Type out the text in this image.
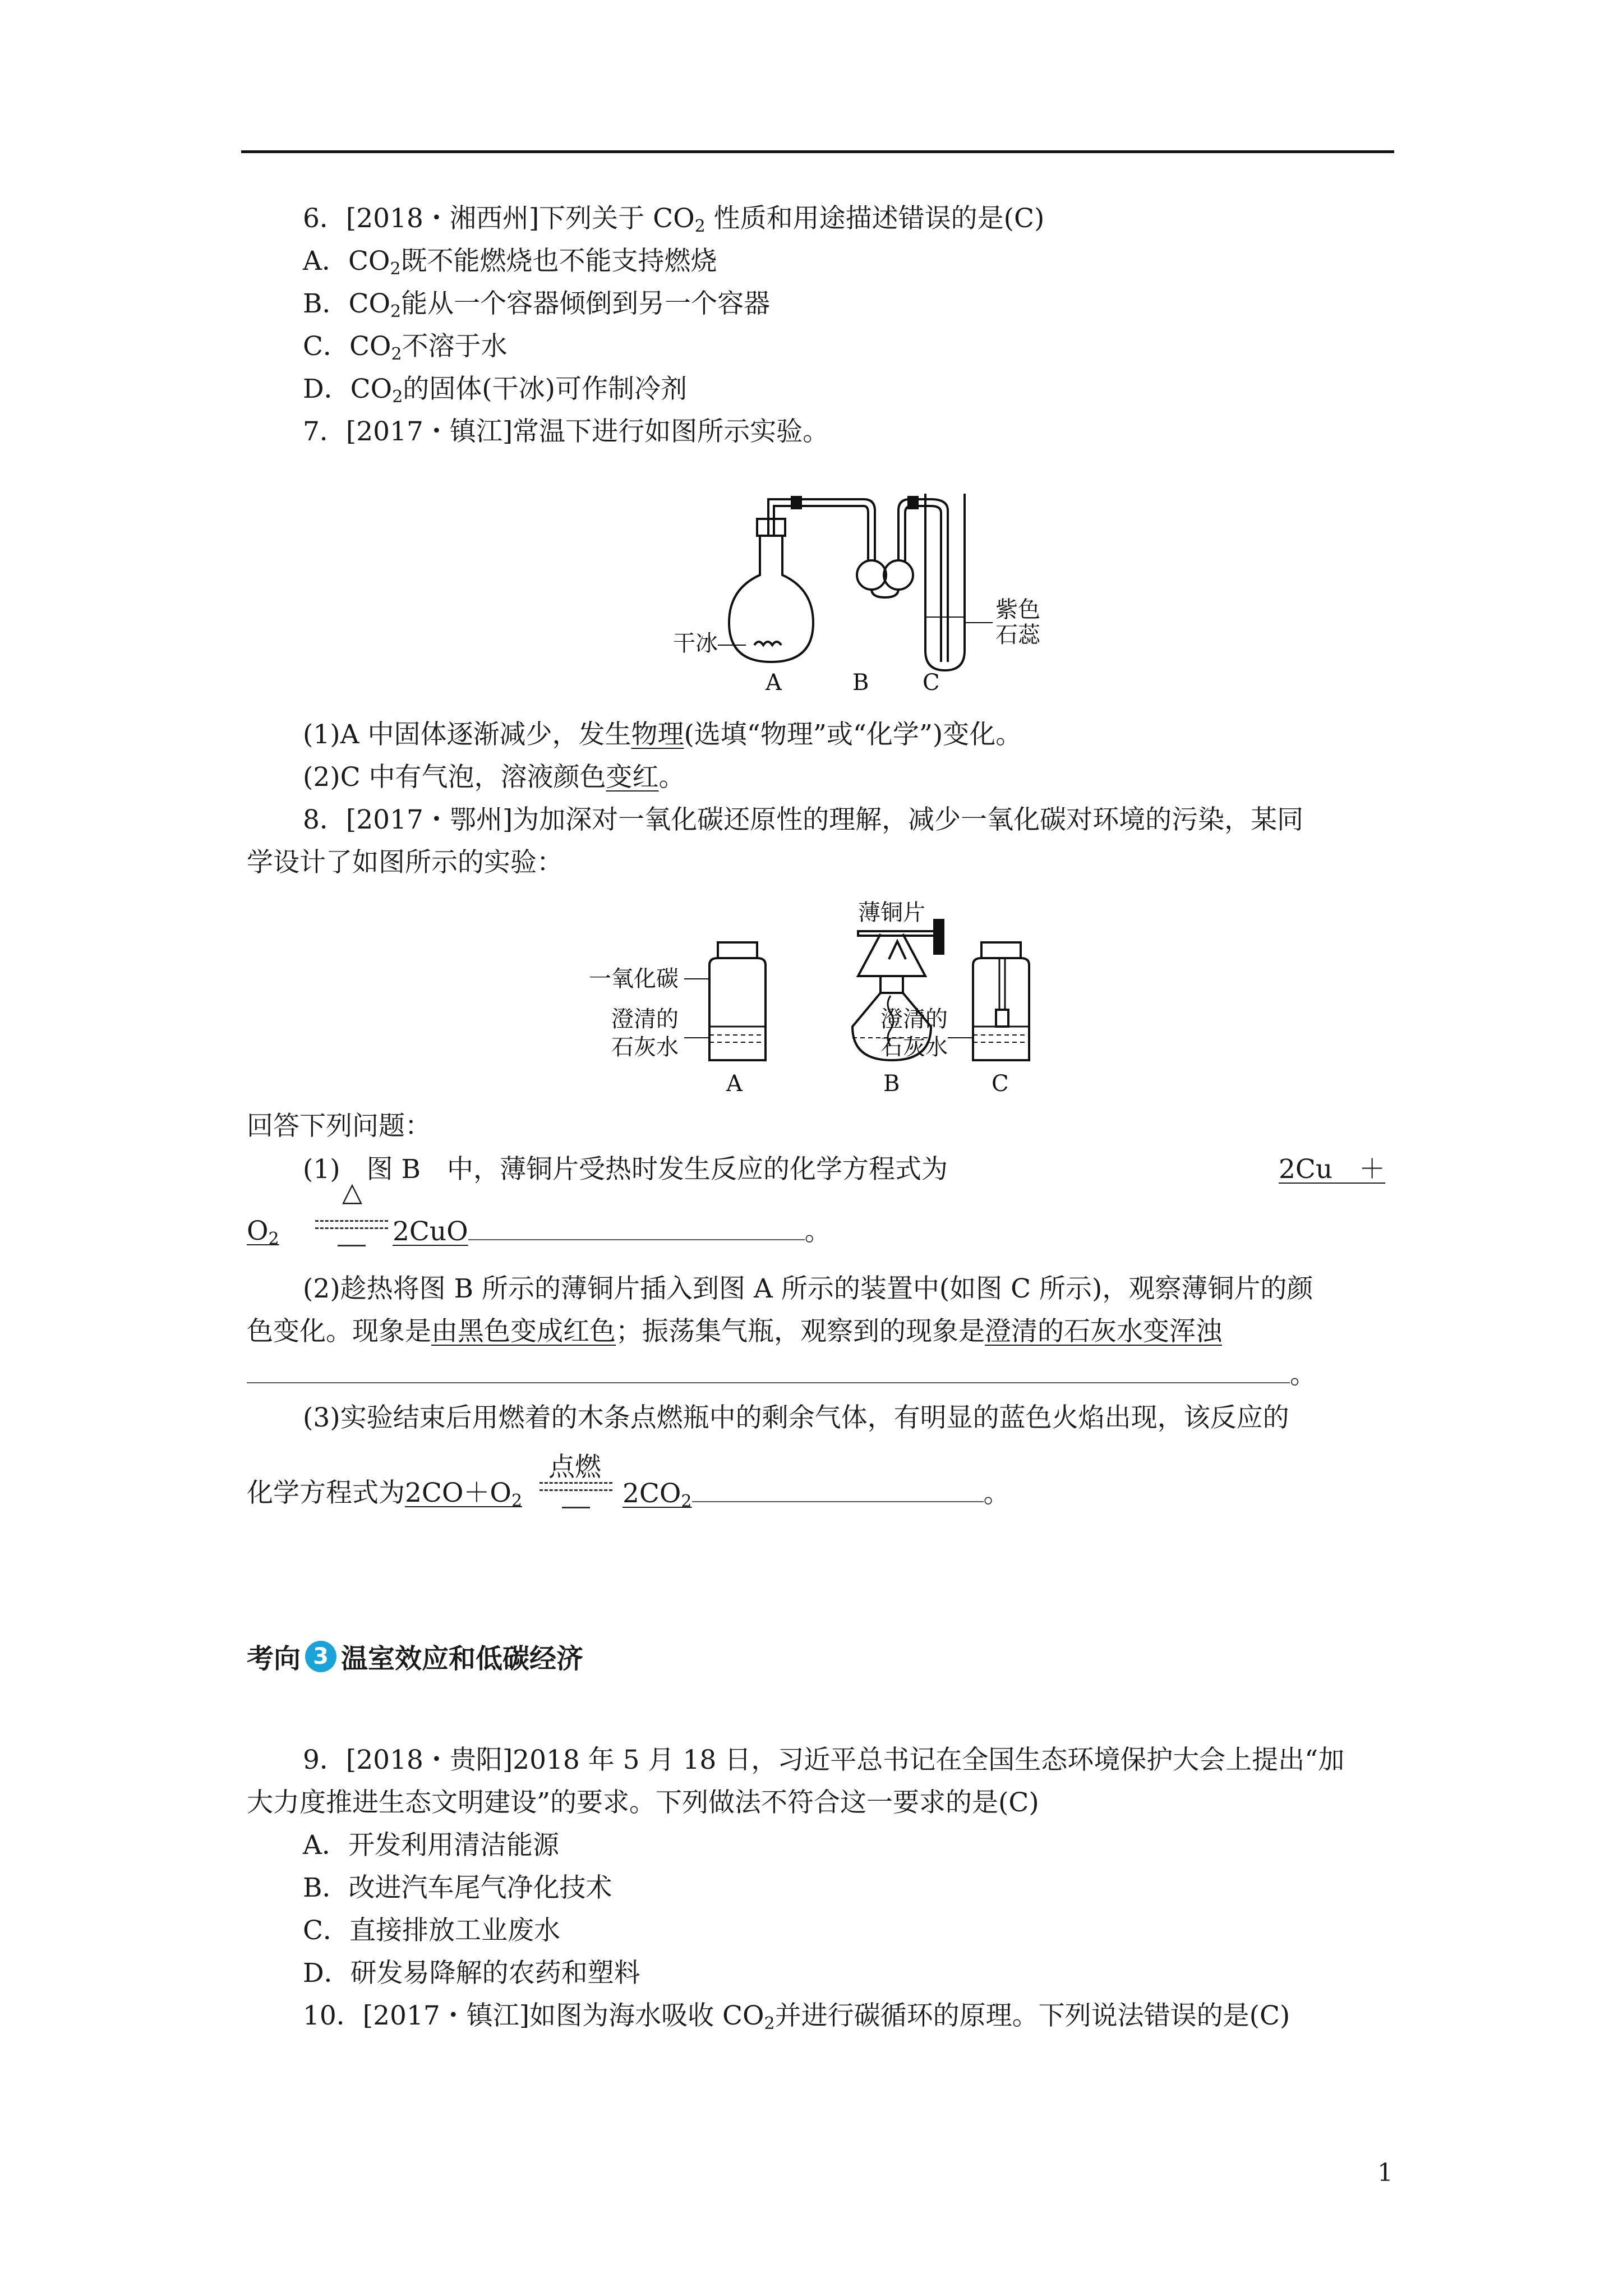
6．[2018・湘西州]下列关于 $CO_2$ 性质和用途描述错误的是(C)
A．$CO_2$既不能燃烧也不能支持燃烧
B．$CO_2$能从一个容器倾倒到另一个容器
C．$CO_2$不溶于水
D．$CO_2$的固体(干冰)可作制冷剂
7．[2017・镇江]常温下进行如图所示实验。
干冰
紫色
石蕊
A	B C
(1)A 中固体逐渐减少，发生物理(选填“物理”或“化学”)变化。
(2)C 中有气泡，溶液颜色变红。
8．[2017・鄂州]为加深对一氧化碳还原性的理解，减少一氧化碳对环境的污染，某同
学设计了如图所示的实验：
一氧化碳
澄清的
石灰水
薄铜片
澄清的
石灰水
A	B	C
回答下列问题：
(1)　图 B　中，薄铜片受热时发生反应的化学方程式为	2Cu　＋
$O_2$
△
2CuO	。
(2)趁热将图 B 所示的薄铜片插入到图 A 所示的装置中(如图 C 所示)，观察薄铜片的颜
色变化。现象是由黑色变成红色；振荡集气瓶，观察到的现象是澄清的石灰水变浑浊
。
(3)实验结束后用燃着的木条点燃瓶中的剩余气体，有明显的蓝色火焰出现，该反应的
点燃
化学方程式为$2CO+O_2$	$2CO_2$	。
考向 3 温室效应和低碳经济
9．[2018・贵阳]2018 年 5 月 18 日，习近平总书记在全国生态环境保护大会上提出“加
大力度推进生态文明建设”的要求。下列做法不符合这一要求的是(C)
A．开发利用清洁能源
B．改进汽车尾气净化技术
C．直接排放工业废水
D．研发易降解的农药和塑料
10．[2017・镇江]如图为海水吸收 $CO_2$并进行碳循环的原理。下列说法错误的是(C)
1
